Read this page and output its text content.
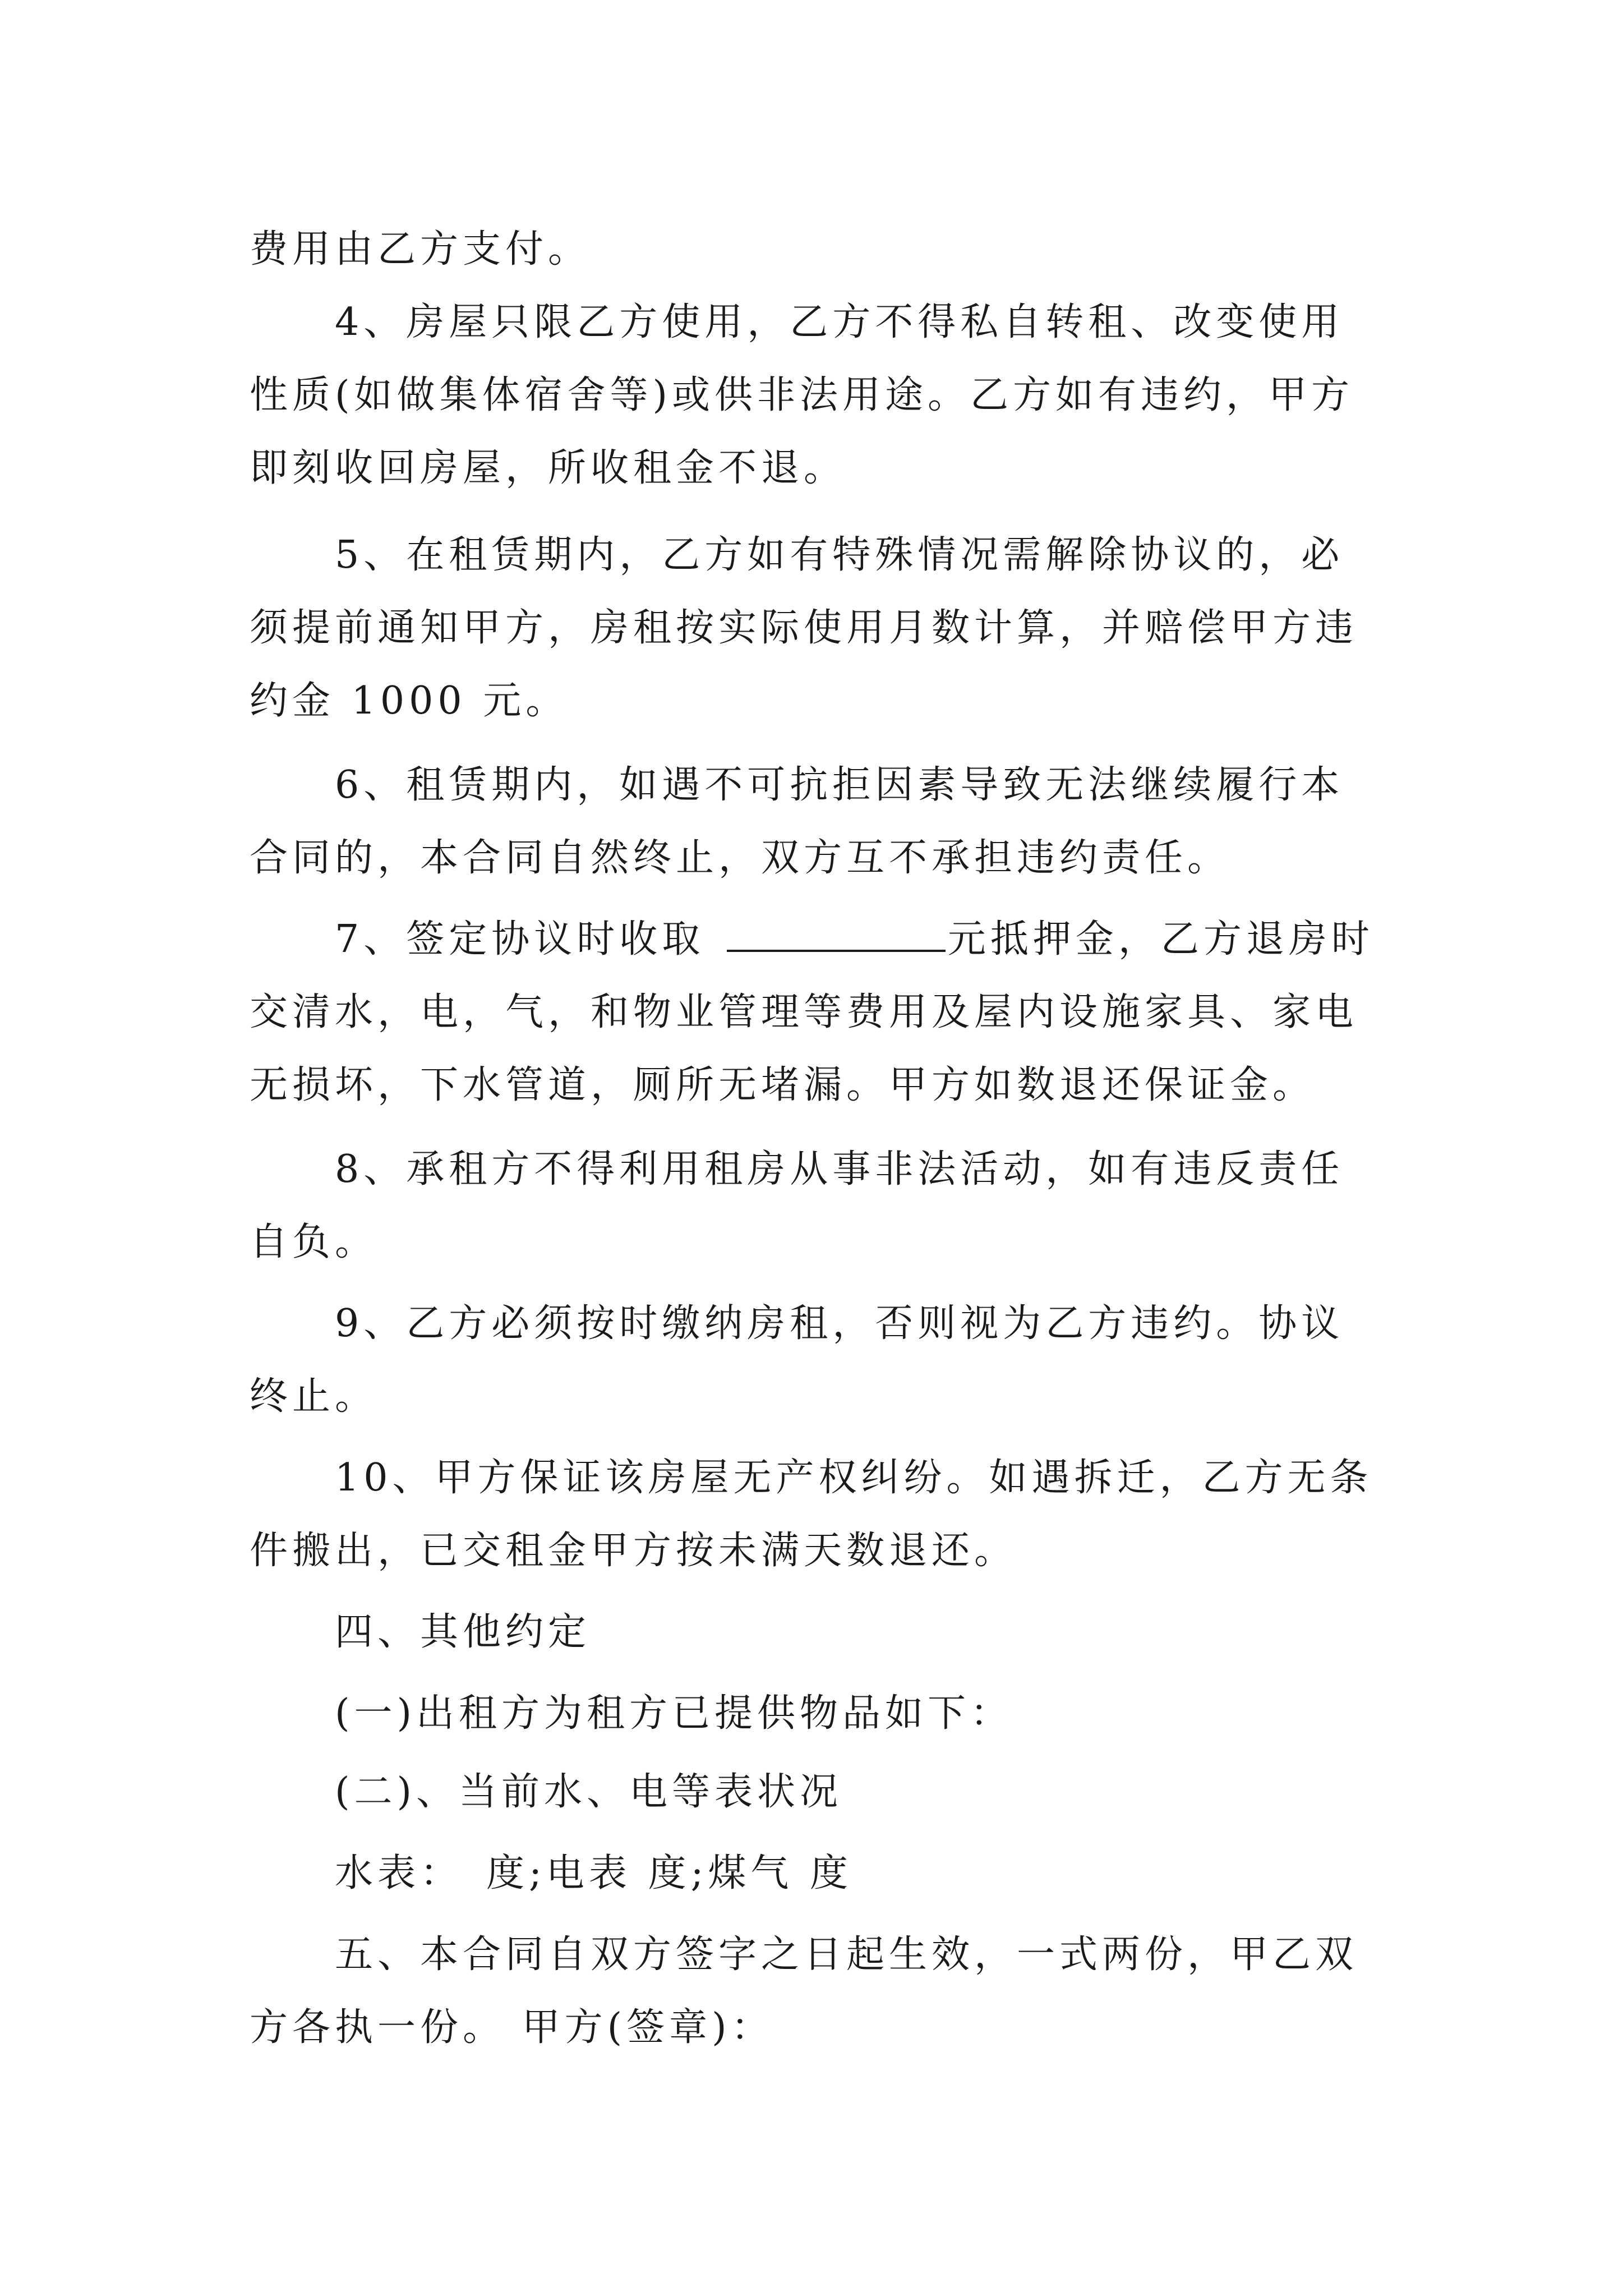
费用由乙方支付。
　　4、房屋只限乙方使用，乙方不得私自转租、改变使用
性质(如做集体宿舍等)或供非法用途。乙方如有违约，甲方
即刻收回房屋，所收租金不退。
　　5、在租赁期内，乙方如有特殊情况需解除协议的，必
须提前通知甲方，房租按实际使用月数计算，并赔偿甲方违
约金 1000 元。
　　6、租赁期内，如遇不可抗拒因素导致无法继续履行本
合同的，本合同自然终止，双方互不承担违约责任。
　　7、签定协议时收取	元抵押金，乙方退房时
交清水，电，气，和物业管理等费用及屋内设施家具、家电
无损坏，下水管道，厕所无堵漏。甲方如数退还保证金。
　　8、承租方不得利用租房从事非法活动，如有违反责任
自负。
　　9、乙方必须按时缴纳房租，否则视为乙方违约。协议
终止。
　　10、甲方保证该房屋无产权纠纷。如遇拆迁，乙方无条
件搬出，已交租金甲方按未满天数退还。
　　四、其他约定
　　(一)出租方为租方已提供物品如下：
　　(二)、当前水、电等表状况
　　水表：　度;电表 度;煤气 度
　　五、本合同自双方签字之日起生效，一式两份，甲乙双
方各执一份。 甲方(签章)：
